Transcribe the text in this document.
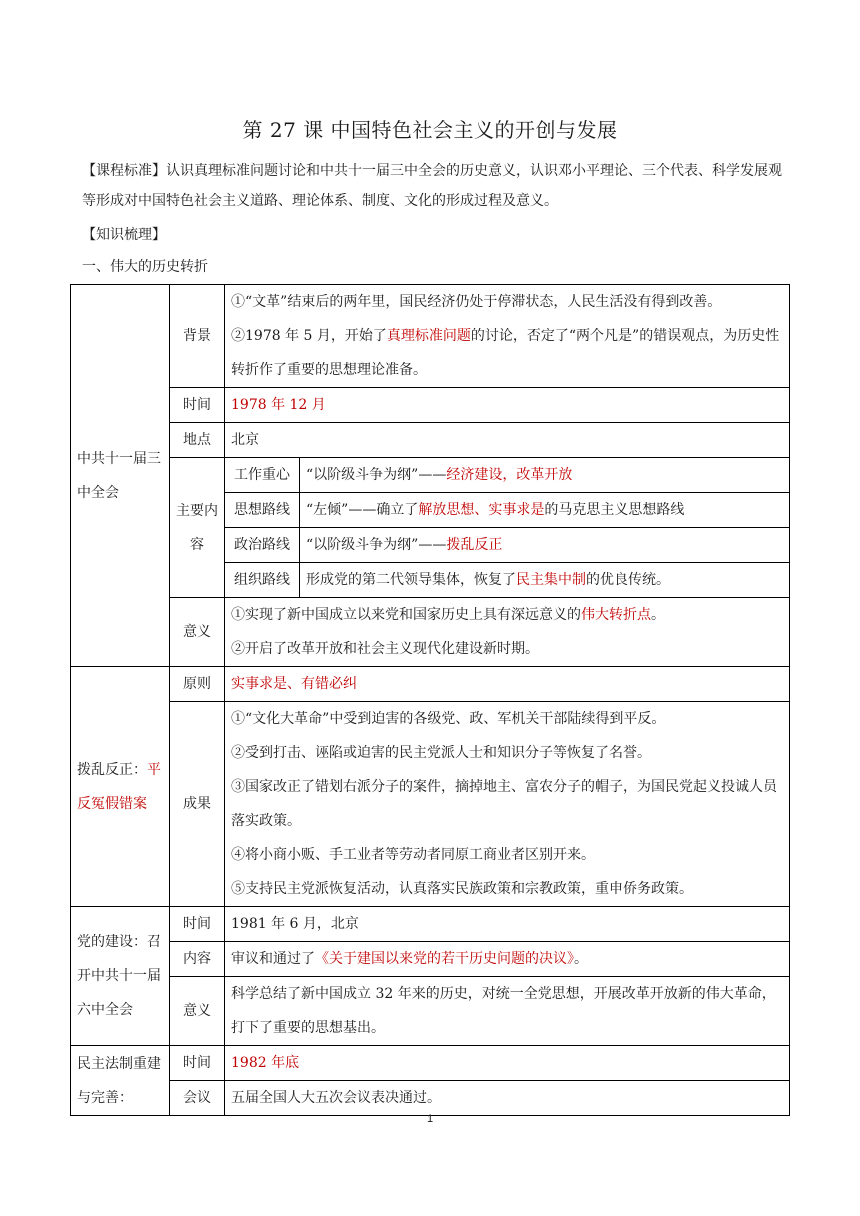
第 27 课 中国特色社会主义的开创与发展
【课程标准】认识真理标准问题讨论和中共十一届三中全会的历史意义，认识邓小平理论、三个代表、科学发展观等形成对中国特色社会主义道路、理论体系、制度、文化的形成过程及意义。
【知识梳理】
一、伟大的历史转折
中共十一届三中全会	背景	①“文革”结束后的两年里，国民经济仍处于停滞状态，人民生活没有得到改善。
②1978 年 5 月，开始了真理标准问题的讨论，否定了“两个凡是”的错误观点，为历史性转折作了重要的思想理论准备。	

	时间	1978 年 12 月	
	地点	北京	
	主要内容	工作重心	“以阶级斗争为纲”——经济建设，改革开放
		思想路线	“左倾”——确立了解放思想、实事求是的马克思主义思想路线
		政治路线	“以阶级斗争为纲”——拨乱反正
		组织路线	形成党的第二代领导集体，恢复了民主集中制的优良传统。
	意义	①实现了新中国成立以来党和国家历史上具有深远意义的伟大转折点。	
		②开启了改革开放和社会主义现代化建设新时期。	
拨乱反正：平反冤假错案	原则	实事求是、有错必纠	
	成果	①“文化大革命”中受到迫害的各级党、政、军机关干部陆续得到平反。
②受到打击、诬陷或迫害的民主党派人士和知识分子等恢复了名誉。
③国家改正了错划右派分子的案件，摘掉地主、富农分子的帽子，为国民党起义投诚人员落实政策。
④将小商小贩、手工业者等劳动者同原工商业者区别开来。
⑤支持民主党派恢复活动，认真落实民族政策和宗教政策，重申侨务政策。	

党的建设：召开中共十一届六中全会	时间	1981 年 6 月，北京	
	内容	审议和通过了《关于建国以来党的若干历史问题的决议》。	
	意义	科学总结了新中国成立 32 年来的历史，对统一全党思想，开展改革开放新的伟大革命，打下了重要的思想基出。	
民主法制重建与完善：	时间	1982 年底	
	会议	五届全国人大五次会议表决通过。	
1
